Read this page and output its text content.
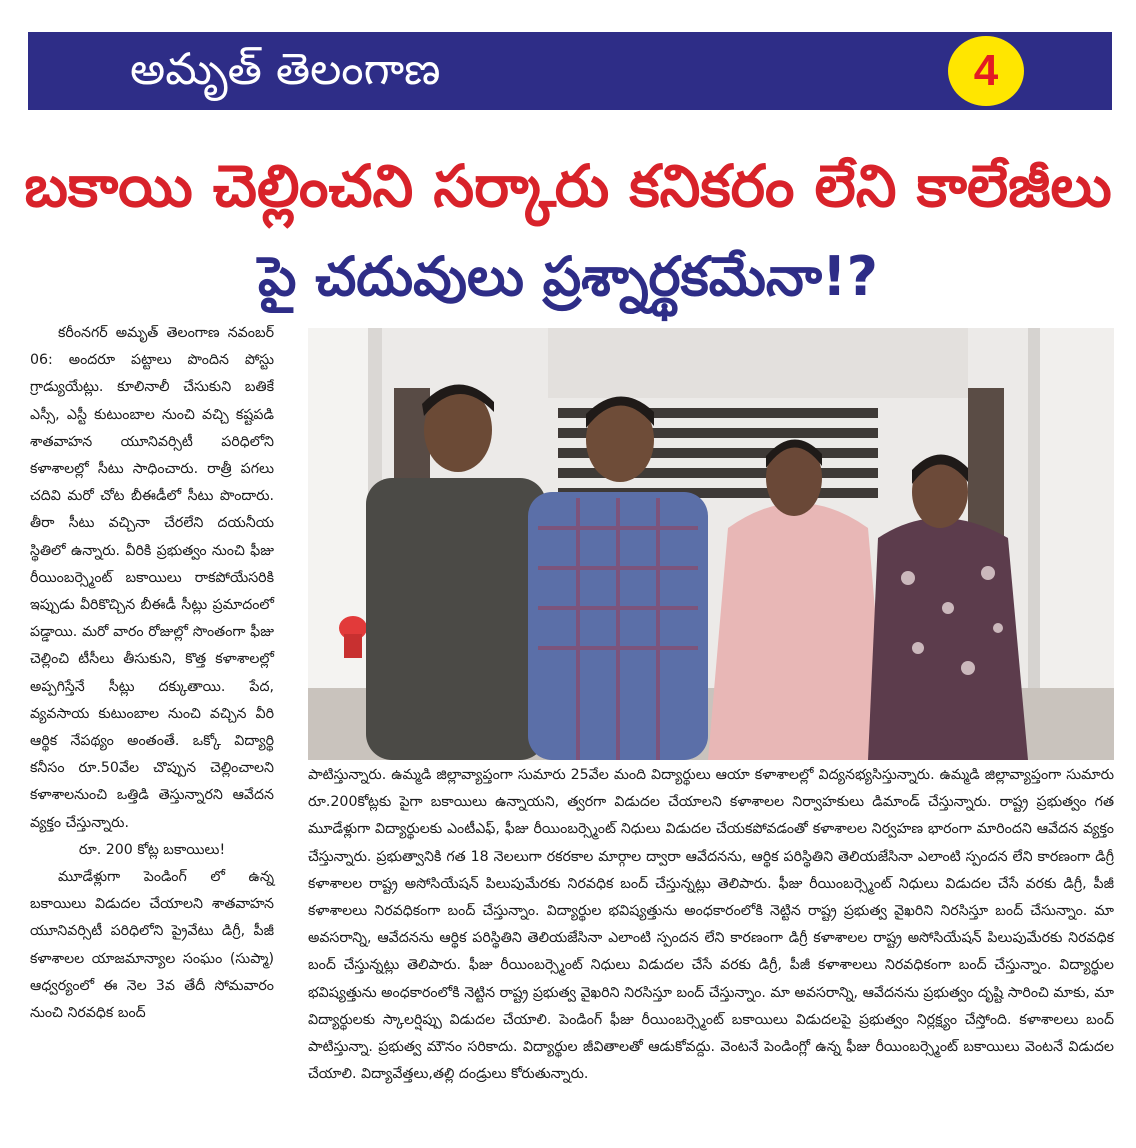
అమృత్ తెలంగాణ	4
బకాయి చెల్లించని సర్కారు కనికరం లేని కాలేజీలు
పై చదువులు ప్రశ్నార్థకమేనా!?

కరీంనగర్ అమృత్ తెలంగాణ నవంబర్ 06: అందరూ పట్టాలు పొందిన పోస్టు గ్రాడ్యుయేట్లు. కూలినాలీ చేసుకుని బతికే ఎస్సీ, ఎస్టీ కుటుంబాల నుంచి వచ్చి కష్టపడి శాతవాహన యూనివర్సిటీ పరిధిలోని కళాశాలల్లో సీటు సాధించారు. రాత్రీ పగలు చదివి మరో చోట బీఈడీలో సీటు పొందారు. తీరా సీటు వచ్చినా చేరలేని దయనీయ స్థితిలో ఉన్నారు. వీరికి ప్రభుత్వం నుంచి ఫీజు రీయింబర్స్మెంట్ బకాయిలు రాకపోయేసరికి ఇప్పుడు వీరికొచ్చిన బీఈడీ సీట్లు ప్రమాదంలో పడ్డాయి. మరో వారం రోజుల్లో సొంతంగా ఫీజు చెల్లించి టీసీలు తీసుకుని, కొత్త కళాశాలల్లో అప్పగిస్తేనే సీట్లు దక్కుతాయి. పేద, వ్యవసాయ కుటుంబాల నుంచి వచ్చిన వీరి ఆర్థిక నేపథ్యం అంతంతే. ఒక్కో విద్యార్థి కనీసం రూ.50వేల చొప్పున చెల్లించాలని కళాశాలనుంచి ఒత్తిడి తెస్తున్నారని ఆవేదన వ్యక్తం చేస్తున్నారు.

రూ. 200 కోట్ల బకాయిలు!

మూడేళ్లుగా పెండింగ్ లో ఉన్న బకాయిలు విడుదల చేయాలని శాతవాహన యూనివర్సిటీ పరిధిలోని ప్రైవేటు డిగ్రీ, పీజీ కళాశాలల యాజమాన్యాల సంఘం (సుప్మా) ఆధ్వర్యంలో ఈ నెల 3వ తేదీ సోమవారం నుంచి నిరవధిక బంద్

పాటిస్తున్నారు. ఉమ్మడి జిల్లావ్యాప్తంగా సుమారు 25వేల మంది విద్యార్థులు ఆయా కళాశాలల్లో విద్యనభ్యసిస్తున్నారు. ఉమ్మడి జిల్లావ్యాప్తంగా సుమారు రూ.200కోట్లకు పైగా బకాయిలు ఉన్నాయని, త్వరగా విడుదల చేయాలని కళాశాలల నిర్వాహకులు డిమాండ్ చేస్తున్నారు. రాష్ట్ర ప్రభుత్వం గత మూడేళ్లుగా విద్యార్థులకు ఎంటీఎఫ్, ఫీజు రీయింబర్స్మెంట్ నిధులు విడుదల చేయకపోవడంతో కళాశాలల నిర్వహణ భారంగా మారిందని ఆవేదన వ్యక్తం చేస్తున్నారు. ప్రభుత్వానికి గత 18 నెలలుగా రకరకాల మార్గాల ద్వారా ఆవేదనను, ఆర్థిక పరిస్థితిని తెలియజేసినా ఎలాంటి స్పందన లేని కారణంగా డిగ్రీ కళాశాలల రాష్ట్ర అసోసియేషన్ పిలుపుమేరకు నిరవధిక బంద్ చేస్తున్నట్లు తెలిపారు. ఫీజు రీయింబర్స్మెంట్ నిధులు విడుదల చేసే వరకు డిగ్రీ, పీజీ కళాశాలలు నిరవధికంగా బంద్ చేస్తున్నాం. విద్యార్థుల భవిష్యత్తును అంధకారంలోకి నెట్టిన రాష్ట్ర ప్రభుత్వ వైఖరిని నిరసిస్తూ బంద్ చేసున్నాం. మా అవసరాన్ని, ఆవేదనను ఆర్థిక పరిస్థితిని తెలియజేసినా ఎలాంటి స్పందన లేని కారణంగా డిగ్రీ కళాశాలల రాష్ట్ర అసోసియేషన్ పిలుపుమేరకు నిరవధిక బంద్ చేస్తున్నట్లు తెలిపారు. ఫీజు రీయింబర్స్మెంట్ నిధులు విడుదల చేసే వరకు డిగ్రీ, పీజీ కళాశాలలు నిరవధికంగా బంద్ చేస్తున్నాం. విద్యార్థుల భవిష్యత్తును అంధకారంలోకి నెట్టిన రాష్ట్ర ప్రభుత్వ వైఖరిని నిరసిస్తూ బంద్ చేస్తున్నాం. మా అవసరాన్ని, ఆవేదనను ప్రభుత్వం దృష్టి సారించి మాకు, మా విద్యార్థులకు స్కాలర్షిప్పు విడుదల చేయాలి. పెండింగ్ ఫీజు రీయింబర్స్మెంట్ బకాయిలు విడుదలపై ప్రభుత్వం నిర్లక్ష్యం చేస్తోంది. కళాశాలలు బంద్ పాటిస్తున్నా. ప్రభుత్వ మౌనం సరికాదు. విద్యార్థుల జీవితాలతో ఆడుకోవద్దు. వెంటనే పెండింగ్లో ఉన్న ఫీజు రీయింబర్స్మెంట్ బకాయిలు వెంటనే విడుదల చేయాలి. విద్యావేత్తలు,తల్లి దండ్రులు కోరుతున్నారు.
